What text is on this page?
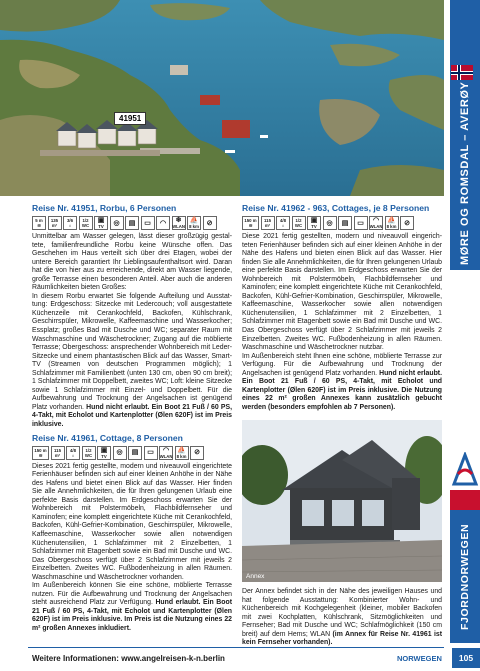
41951	MØRE OG ROMSDAL – AVERØY
FJORDNORWEGEN
Reise Nr. 41951, Rorbu, 6 Personen
5 m
≋
135
m²
3/6
⌂
1/2
WC
▣
TV ◎ ▤ ▭ ◠ ❄
WLAN
⛵
8 km ⊘

Unmittelbar am Wasser gelegen, lässt dieser großzügig gestaltete, familienfreundliche Rorbu keine Wünsche offen. Das Geschehen im Haus verteilt sich über drei Etagen, wobei der untere Bereich garantiert Ihr Lieblingsaufenthaltsort wird. Daran hat die von hier aus zu erreichende, direkt am Wasser liegende, große Terrasse einen besonderen Anteil. Aber auch die anderen Räumlichkeiten bieten Großes:

In diesem Rorbu erwartet Sie folgende Aufteilung und Ausstattung: Erdgeschoss: Sitzecke mit Ledercouch; voll ausgestattete Küchenzeile mit Cerankochfeld, Backofen, Kühlschrank, Geschirrspüler, Mikrowelle, Kaffeemaschine und Wasserkocher; Essplatz; großes Bad mit Dusche und WC; separater Raum mit Waschmaschine und Wäschetrockner; Zugang auf die möblierte Terrasse; Obergeschoss: ansprechender Wohnbereich mit Leder-Sitzecke und einem phantastischen Blick auf das Wasser, Smart-TV (Streamen von deutschen Programmen möglich); 1 Schlafzimmer mit Familienbett (unten 130 cm, oben 90 cm breit); 1 Schlafzimmer mit Doppelbett, zweites WC; Loft: kleine Sitzecke sowie 1 Schlafzimmer mit Einzel- und Doppelbett. Für die Aufbewahrung und Trocknung der Angelsachen ist genügend Platz vorhanden. Hund nicht erlaubt. Ein Boot 21 Fuß / 60 PS, 4-Takt, mit Echolot und Kartenplotter (Ølen 620F) ist im Preis inklusive.

Reise Nr. 41961, Cottage, 8 Personen
150 m
≋
115
m²
4/8
⌂
1/2
WC
▣
TV ◎ ▤ ▭ ◠
WLAN
⛵
8 km ⊘

Dieses 2021 fertig gestellte, modern und niveauvoll eingerichtete Ferienhäuser befinden sich auf einer kleinen Anhöhe in der Nähe des Hafens und bietet einen Blick auf das Wasser. Hier finden Sie alle Annehmlichkeiten, die für Ihren gelungenen Urlaub eine perfekte Basis darstellen. Im Erdgeschoss erwarten Sie der Wohnbereich mit Polstermöbeln, Flachbildfernseher und Kaminofen; eine komplett eingerichtete Küche mit Cerankochfeld, Backofen, Kühl-Gefrier-Kombination, Geschirrspüler, Mikrowelle, Kaffeemaschine, Wasserkocher sowie allen notwendigen Küchenutensilien, 1 Schlafzimmer mit 2 Einzelbetten, 1 Schlafzimmer mit Etagenbett sowie ein Bad mit Dusche und WC. Das Obergeschoss verfügt über 2 Schlafzimmer mit jeweils 2 Einzelbetten. Zweites WC. Fußbodenheizung in allen Räumen. Waschmaschine und Wäschetrockner vorhanden.

Im Außenbereich können Sie eine schöne, möblierte Terrasse nutzen. Für die Aufbewahrung und Trocknung der Angelsachen steht ausreichend Platz zur Verfügung. Hund erlaubt. Ein Boot 21 Fuß / 60 PS, 4-Takt, mit Echolot und Kartenplotter (Ølen 620F) ist im Preis inklusive. Im Preis ist die Nutzung eines 22 m² großen Annexes inkludiert.

Reise Nr. 41962 - 963, Cottages, je 8 Personen
150 m
≋
115
m²
4/8
⌂
1/2
WC
▣
TV ◎ ▤ ▭ ◠
WLAN
⛵
8 km ⊘

Diese 2021 fertig gestellten, modern und niveauvoll eingerichteten Ferienhäuser befinden sich auf einer kleinen Anhöhe in der Nähe des Hafens und bieten einen Blick auf das Wasser. Hier finden Sie alle Annehmlichkeiten, die für Ihren gelungenen Urlaub eine perfekte Basis darstellen. Im Erdgeschoss erwarten Sie der Wohnbereich mit Polstermöbeln, Flachbildfernseher und Kaminofen; eine komplett eingerichtete Küche mit Cerankochfeld, Backofen, Kühl-Gefrier-Kombination, Geschirrspüler, Mikrowelle, Kaffeemaschine, Wasserkocher sowie allen notwendigen Küchenutensilien, 1 Schlafzimmer mit 2 Einzelbetten, 1 Schlafzimmer mit Etagenbett sowie ein Bad mit Dusche und WC. Das Obergeschoss verfügt über 2 Schlafzimmer mit jeweils 2 Einzelbetten. Zweites WC. Fußbodenheizung in allen Räumen. Waschmaschine und Wäschetrockner nutzbar.

Im Außenbereich steht Ihnen eine schöne, möblierte Terrasse zur Verfügung. Für die Aufbewahrung und Trocknung der Angelsachen ist genügend Platz vorhanden. Hund nicht erlaubt. Ein Boot 21 Fuß / 60 PS, 4-Takt, mit Echolot und Kartenplotter (Ølen 620F) ist im Preis inklusive. Die Nutzung eines 22 m² großen Annexes kann zusätzlich gebucht werden (besonders empfohlen ab 7 Personen).

Annex
Der Annex befindet sich in der Nähe des jeweiligen Hauses und hat folgende Ausstattung: Kombinierter Wohn- und Küchenbereich mit Kochgelegenheit (kleiner, mobiler Backofen mit zwei Kochplatten, Kühlschrank, Sitzmöglichkeiten und Fernseher; Bad mit Dusche und WC; Schlafmöglichkeit (150 cm breit) auf dem Hems; WLAN (im Annex für Reise Nr. 41961 ist kein Fernseher vorhanden).
Weitere Informationen: www.angelreisen-k-n.berlin	NORWEGEN	105
